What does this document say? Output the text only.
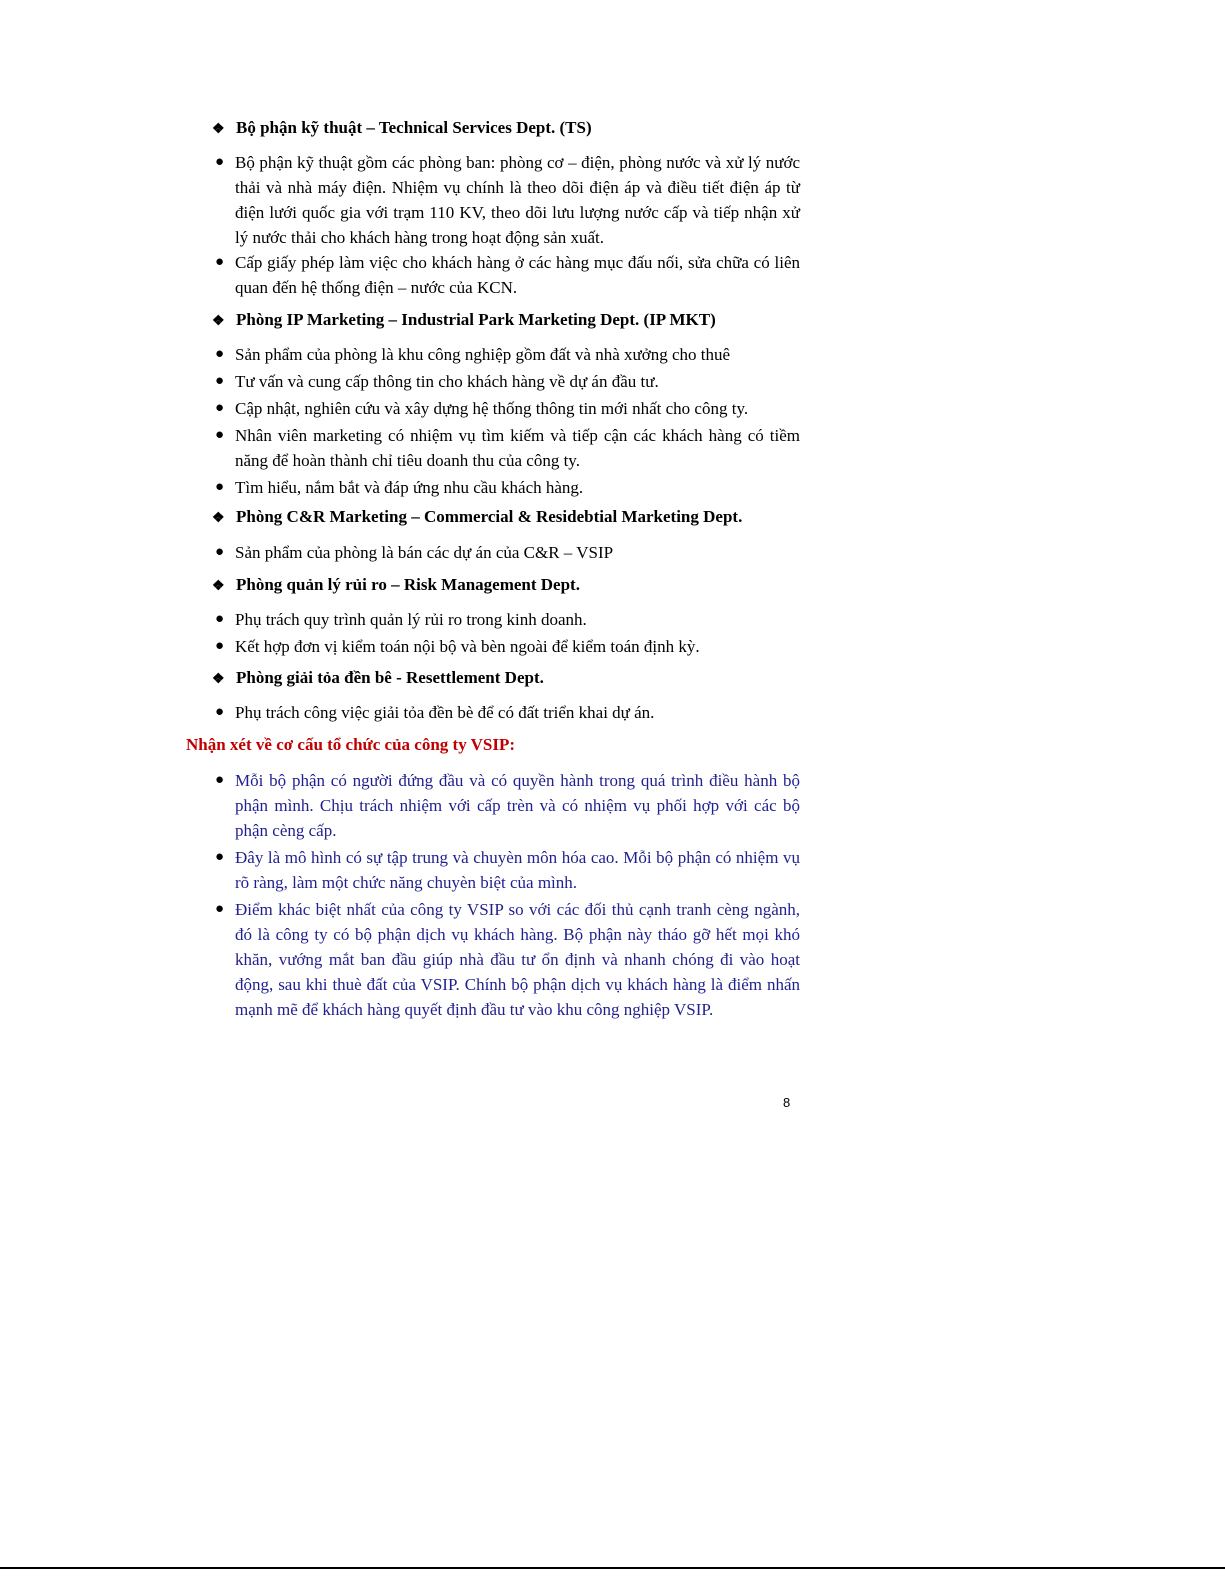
❖ Bộ phận kỹ thuật – Technical Services Dept. (TS)
● Bộ phận kỹ thuật gồm các phòng ban: phòng cơ – điện, phòng nước và xử lý nước thải và nhà máy điện. Nhiệm vụ chính là theo dõi điện áp và điều tiết điện áp từ điện lưới quốc gia với trạm 110 KV, theo dõi lưu lượng nước cấp và tiếp nhận xử lý nước thải cho khách hàng trong hoạt động sản xuất.
● Cấp giấy phép làm việc cho khách hàng ở các hàng mục đấu nối, sửa chữa có liên quan đến hệ thống điện – nước của KCN.
❖ Phòng IP Marketing – Industrial Park Marketing Dept. (IP MKT)
● Sản phẩm của phòng là khu công nghiệp gồm đất và nhà xưởng cho thuê
● Tư vấn và cung cấp thông tin cho khách hàng về dự án đầu tư.
● Cập nhật, nghiên cứu và xây dựng hệ thống thông tin mới nhất cho công ty.
● Nhân viên marketing có nhiệm vụ tìm kiếm và tiếp cận các khách hàng có tiềm năng để hoàn thành chỉ tiêu doanh thu của công ty.
● Tìm hiểu, nắm bắt và đáp ứng nhu cầu khách hàng.
❖ Phòng C&R Marketing – Commercial & Residebtial Marketing Dept.
● Sản phẩm của phòng là bán các dự án của C&R – VSIP
❖ Phòng quản lý rủi ro – Risk Management Dept.
● Phụ trách quy trình quản lý rủi ro trong kinh doanh.
● Kết hợp đơn vị kiểm toán nội bộ và bèn ngoài để kiểm toán định kỳ.
❖ Phòng giải tỏa đền bê - Resettlement Dept.
● Phụ trách công việc giải tỏa đền bè để có đất triển khai dự án.
Nhận xét về cơ cấu tổ chức của công ty VSIP:
● Mỗi bộ phận có người đứng đầu và có quyền hành trong quá trình điều hành bộ phận mình. Chịu trách nhiệm với cấp trèn và có nhiệm vụ phối hợp với các bộ phận cèng cấp.
● Đây là mô hình có sự tập trung và chuyèn môn hóa cao. Mỗi bộ phận có nhiệm vụ rõ ràng, làm một chức năng chuyèn biệt của mình.
● Điểm khác biệt nhất của công ty VSIP so với các đối thủ cạnh tranh cèng ngành, đó là công ty có bộ phận dịch vụ khách hàng. Bộ phận này tháo gỡ hết mọi khó khăn, vướng mắt ban đầu giúp nhà đầu tư ổn định và nhanh chóng đi vào hoạt động, sau khi thuè đất của VSIP. Chính bộ phận dịch vụ khách hàng là điểm nhấn mạnh mẽ để khách hàng quyết định đầu tư vào khu công nghiệp VSIP.
8
